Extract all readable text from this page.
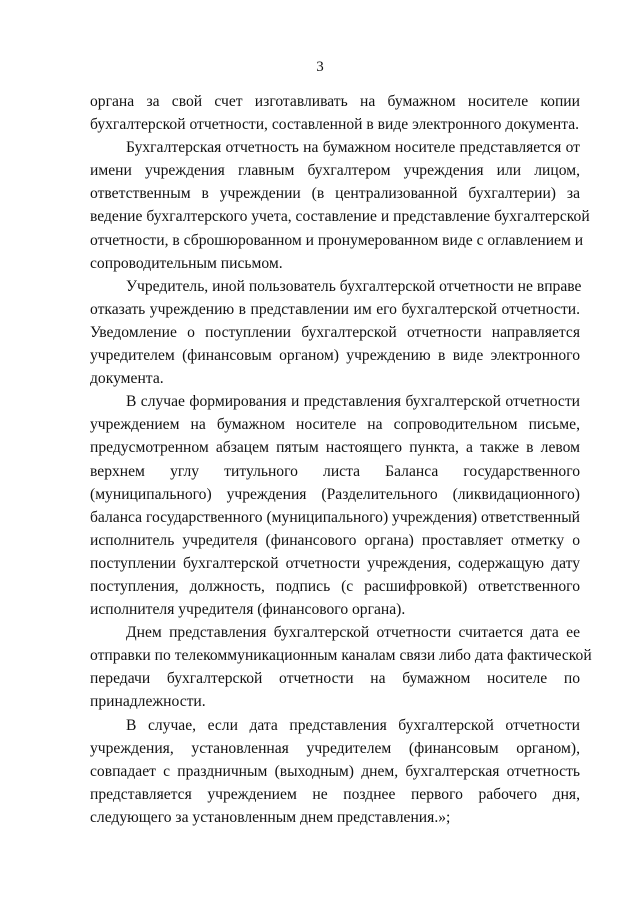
3

органа за свой счет изготавливать на бумажном носителе копии
бухгалтерской отчетности, составленной в виде электронного документа.

Бухгалтерская отчетность на бумажном носителе представляется от
имени учреждения главным бухгалтером учреждения или лицом,
ответственным в учреждении (в централизованной бухгалтерии) за
ведение бухгалтерского учета, составление и представление бухгалтерской
отчетности, в сброшюрованном и пронумерованном виде с оглавлением и
сопроводительным письмом.

Учредитель, иной пользователь бухгалтерской отчетности не вправе
отказать учреждению в представлении им его бухгалтерской отчетности.
Уведомление о поступлении бухгалтерской отчетности направляется
учредителем (финансовым органом) учреждению в виде электронного
документа.

В случае формирования и представления бухгалтерской отчетности
учреждением на бумажном носителе на сопроводительном письме,
предусмотренном абзацем пятым настоящего пункта, а также в левом
верхнем углу титульного листа Баланса государственного
(муниципального) учреждения (Разделительного (ликвидационного)
баланса государственного (муниципального) учреждения) ответственный
исполнитель учредителя (финансового органа) проставляет отметку о
поступлении бухгалтерской отчетности учреждения, содержащую дату
поступления, должность, подпись (с расшифровкой) ответственного
исполнителя учредителя (финансового органа).

Днем представления бухгалтерской отчетности считается дата ее
отправки по телекоммуникационным каналам связи либо дата фактической
передачи бухгалтерской отчетности на бумажном носителе по
принадлежности.

В случае, если дата представления бухгалтерской отчетности
учреждения, установленная учредителем (финансовым органом),
совпадает с праздничным (выходным) днем, бухгалтерская отчетность
представляется учреждением не позднее первого рабочего дня,
следующего за установленным днем представления.»;
